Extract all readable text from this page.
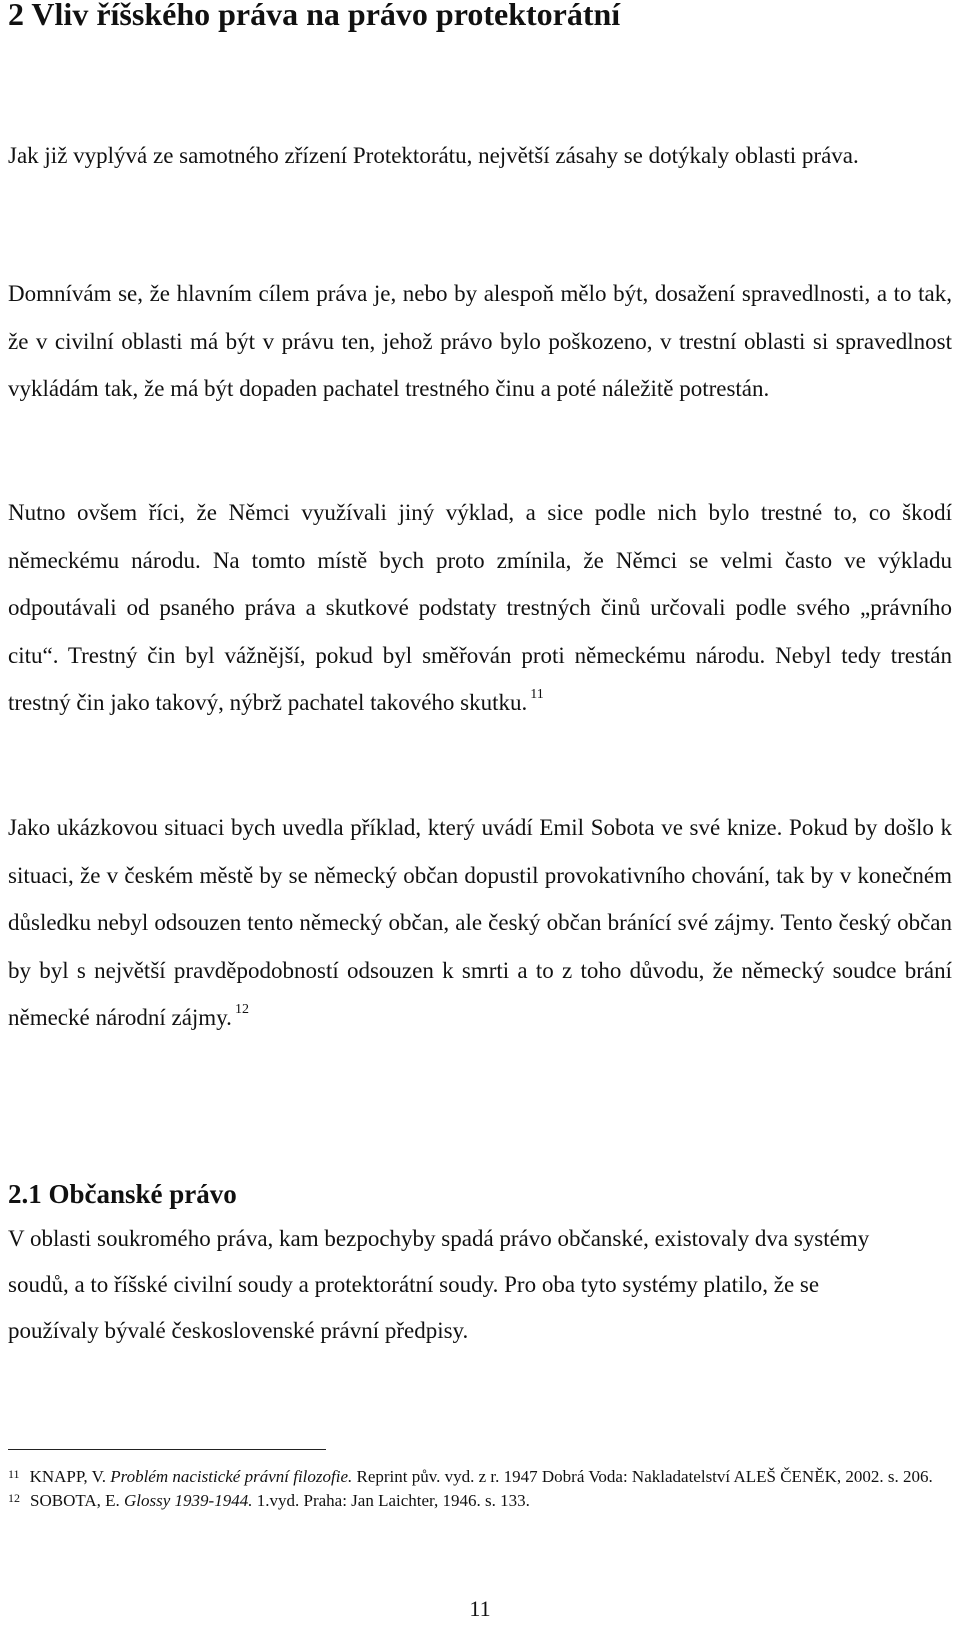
2 Vliv říšského práva na právo protektorátní

Jak již vyplývá ze samotného zřízení Protektorátu, největší zásahy se dotýkaly oblasti práva.

Domnívám se, že hlavním cílem práva je, nebo by alespoň mělo být, dosažení spravedlnosti, a to tak, že v civilní oblasti má být v právu ten, jehož právo bylo poškozeno, v trestní oblasti si spravedlnost vykládám tak, že má být dopaden pachatel trestného činu a poté náležitě potrestán.

Nutno ovšem říci, že Němci využívali jiný výklad, a sice podle nich bylo trestné to, co škodí německému národu. Na tomto místě bych proto zmínila, že Němci se velmi často ve výkladu odpoutávali od psaného práva a skutkové podstaty trestných činů určovali podle svého „právního citu“. Trestný čin byl vážnější, pokud byl směřován proti německému národu. Nebyl tedy trestán trestný čin jako takový, nýbrž pachatel takového skutku. $^{11}$

Jako ukázkovou situaci bych uvedla příklad, který uvádí Emil Sobota ve své knize. Pokud by došlo k situaci, že v českém městě by se německý občan dopustil provokativního chování, tak by v konečném důsledku nebyl odsouzen tento německý občan, ale český občan bránící své zájmy. Tento český občan by byl s největší pravděpodobností odsouzen k smrti a to z toho důvodu, že německý soudce brání německé národní zájmy. $^{12}$

2.1 Občanské právo

V oblasti soukromého práva, kam bezpochyby spadá právo občanské, existovaly dva systémy soudů, a to říšské civilní soudy a protektorátní soudy. Pro oba tyto systémy platilo, že se používaly bývalé československé právní předpisy.

$^{11}$ KNAPP, V. Problém nacistické právní filozofie. Reprint pův. vyd. z r. 1947 Dobrá Voda: Nakladatelství ALEŠ ČENĚK, 2002. s. 206.

$^{12}$ SOBOTA, E. Glossy 1939-1944. 1.vyd. Praha: Jan Laichter, 1946. s. 133.

11
